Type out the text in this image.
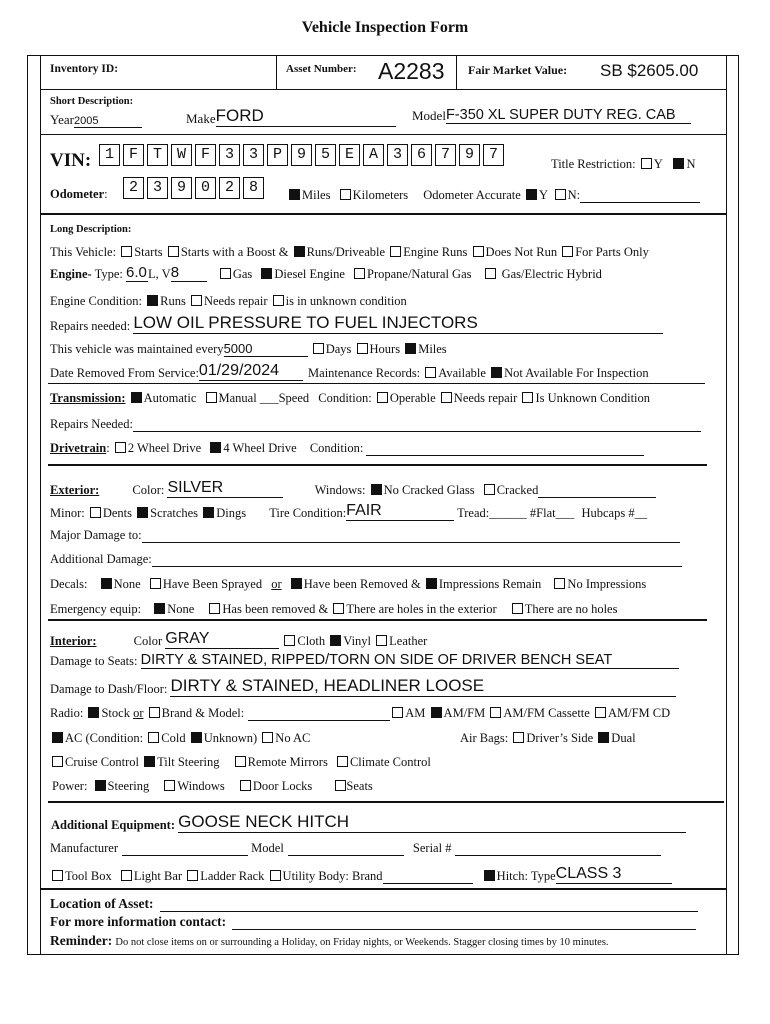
Vehicle Inspection Form
Inventory ID:	Asset Number: A2283 Fair Market Value: SB $2605.00
Short Description:
Year2005	MakeFORD	ModelF-350 XL SUPER DUTY REG. CAB
VIN: 1 F T W F 3 3 P 9 5 E A 3 6 7 9 7
Title Restriction: Y N
Odometer:	2 3 9 0 2 8	Miles Kilometers Odometer Accurate Y N:
Long Description:
This Vehicle: Starts Starts with a Boost & Runs/Driveable Engine Runs Does Not Run For Parts Only
Engine- Type: 6.0L, V8	Gas Diesel Engine Propane/Natural Gas Gas/Electric Hybrid
Engine Condition: Runs Needs repair is in unknown condition
Repairs needed: LOW OIL PRESSURE TO FUEL INJECTORS
This vehicle was maintained every5000	Days Hours Miles
Date Removed From Service:01/29/2024 Maintenance Records: Available Not Available For Inspection
Transmission: Automatic Manual ___Speed Condition: Operable Needs repair Is Unknown Condition
Repairs Needed:
Drivetrain: 2 Wheel Drive 4 Wheel Drive Condition:
Exterior:	Color: SILVER	Windows: No Cracked Glass Cracked
Minor: Dents Scratches Dings Tire Condition:FAIR	Tread:______ #Flat___ Hubcaps #__
Major Damage to:
Additional Damage:
Decals: None Have Been Sprayed or Have been Removed & Impressions Remain No Impressions
Emergency equip: None Has been removed & There are holes in the exterior There are no holes
Interior:	Color GRAY	Cloth Vinyl Leather
Damage to Seats: DIRTY & STAINED, RIPPED/TORN ON SIDE OF DRIVER BENCH SEAT
Damage to Dash/Floor: DIRTY & STAINED, HEADLINER LOOSE
Radio: Stock or Brand & Model:	AM AM/FM AM/FM Cassette AM/FM CD
AC (Condition: Cold Unknown) No AC	Air Bags: Driver’s Side Dual
Cruise Control Tilt Steering Remote Mirrors Climate Control
Power: Steering Windows Door Locks	Seats
Additional Equipment: GOOSE NECK HITCH
Manufacturer	Model	Serial #
Tool Box Light Bar Ladder Rack Utility Body: Brand	Hitch: TypeCLASS 3
Location of Asset:
For more information contact:
Reminder: Do not close items on or surrounding a Holiday, on Friday nights, or Weekends. Stagger closing times by 10 minutes.
